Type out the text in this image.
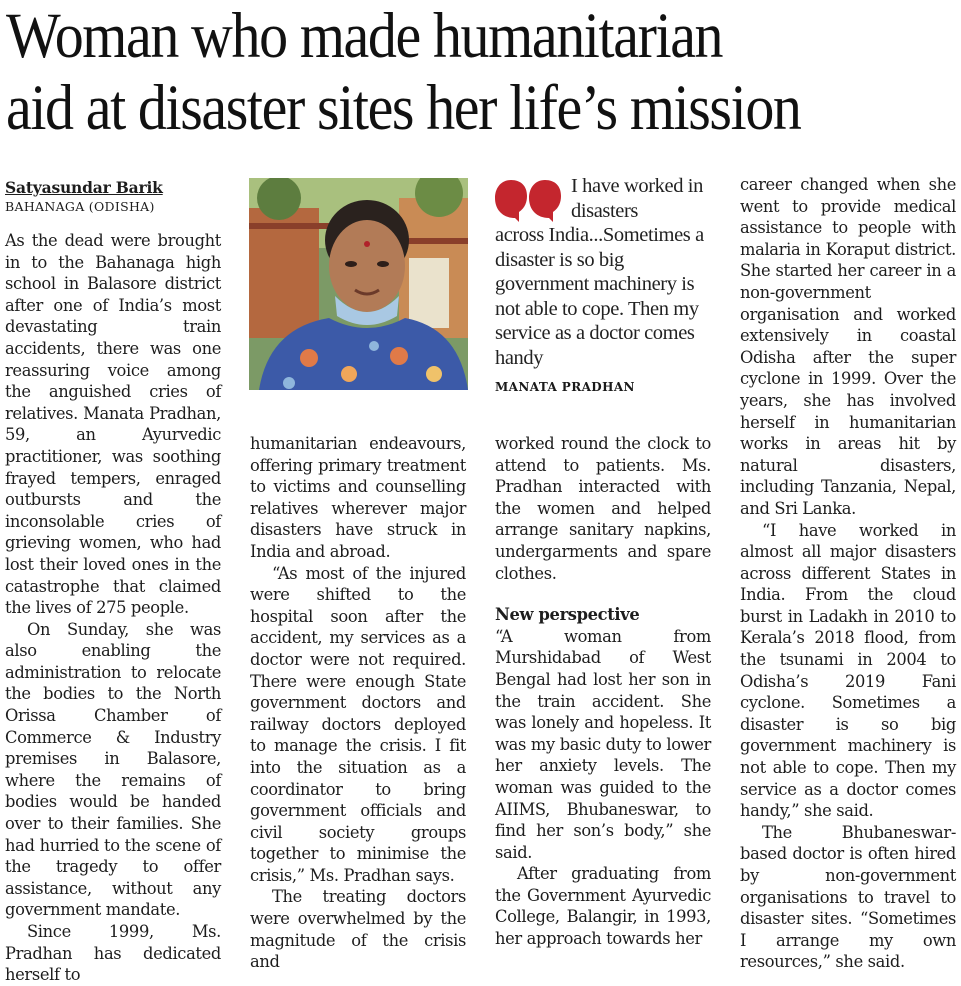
Woman who made humanitarian
aid at disaster sites her life’s mission
Satyasundar Barik
BAHANAGA (ODISHA)

As the dead were brought in to the Bahanaga high school in Balasore district after one of India’s most devastating train accidents, there was one reassuring voice among the anguished cries of relatives. Manata Pradhan, 59, an Ayurvedic practitioner, was soothing frayed tempers, enraged outbursts and the inconsolable cries of grieving women, who had lost their loved ones in the catastrophe that claimed the lives of 275 people.

On Sunday, she was also enabling the administration to relocate the bodies to the North Orissa Chamber of Commerce & Industry premises in Balasore, where the remains of bodies would be handed over to their families. She had hurried to the scene of the tragedy to offer assistance, without any government mandate.

Since 1999, Ms. Pradhan has dedicated herself to

humanitarian endeavours, offering primary treatment to victims and counselling relatives wherever major disasters have struck in India and abroad.

“As most of the injured were shifted to the hospital soon after the accident, my services as a doctor were not required. There were enough State government doctors and railway doctors deployed to manage the crisis. I fit into the situation as a coordinator to bring government officials and civil society groups together to minimise the crisis,” Ms. Pradhan says.

The treating doctors were overwhelmed by the magnitude of the crisis and

I have worked in disasters
across India...Sometimes a disaster is so big government machinery is not able to cope. Then my service as a doctor comes handy

MANATA PRADHAN

worked round the clock to attend to patients. Ms. Pradhan interacted with the women and helped arrange sanitary napkins, undergarments and spare clothes.

New perspective

“A woman from Murshidabad of West Bengal had lost her son in the train accident. She was lonely and hopeless. It was my basic duty to lower her anxiety levels. The woman was guided to the AIIMS, Bhubaneswar, to find her son’s body,” she said.

After graduating from the Government Ayurvedic College, Balangir, in 1993, her approach towards her

career changed when she went to provide medical assistance to people with malaria in Koraput district. She started her career in a non-government organisation and worked extensively in coastal Odisha after the super cyclone in 1999. Over the years, she has involved herself in humanitarian works in areas hit by natural disasters, including Tanzania, Nepal, and Sri Lanka.

“I have worked in almost all major disasters across different States in India. From the cloud burst in Ladakh in 2010 to Kerala’s 2018 flood, from the tsunami in 2004 to Odisha’s 2019 Fani cyclone. Sometimes a disaster is so big government machinery is not able to cope. Then my service as a doctor comes handy,” she said.

The Bhubaneswar-based doctor is often hired by non-government organisations to travel to disaster sites. “Sometimes I arrange my own resources,” she said.
